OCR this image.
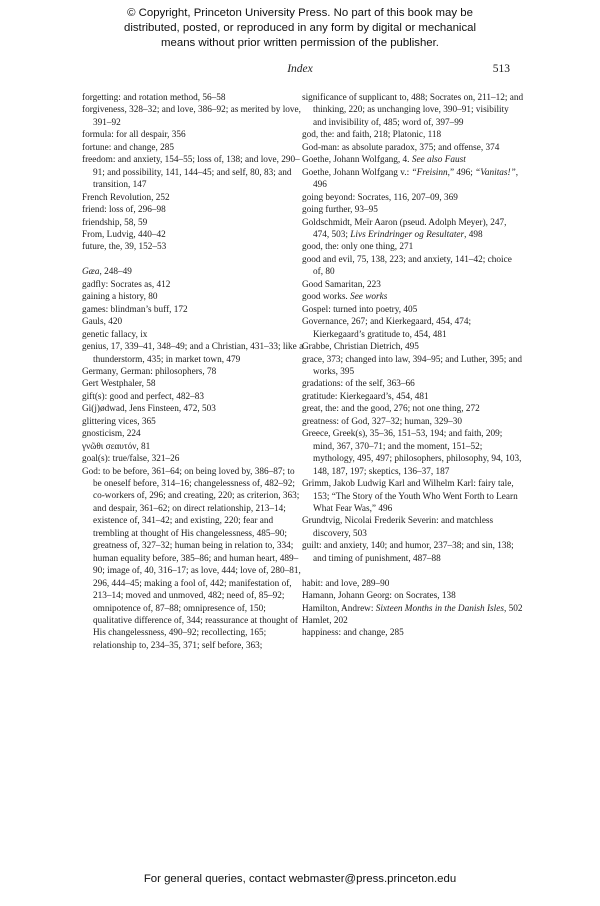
© Copyright, Princeton University Press. No part of this book may be
distributed, posted, or reproduced in any form by digital or mechanical
means without prior written permission of the publisher.
Index	513
forgetting: and rotation method, 56–58
forgiveness, 328–32; and love, 386–92; as merited by love, 391–92
formula: for all despair, 356
fortune: and change, 285
freedom: and anxiety, 154–55; loss of, 138; and love, 290–91; and possibility, 141, 144–45; and self, 80, 83; and transition, 147
French Revolution, 252
friend: loss of, 296–98
friendship, 58, 59
From, Ludvig, 440–42
future, the, 39, 152–53
Gæa, 248–49
gadfly: Socrates as, 412
gaining a history, 80
games: blindman’s buff, 172
Gauls, 420
genetic fallacy, ix
genius, 17, 339–41, 348–49; and a Christian, 431–33; like a thunderstorm, 435; in market town, 479
Germany, German: philosophers, 78
Gert Westphaler, 58
gift(s): good and perfect, 482–83
Gi(j)ødwad, Jens Finsteen, 472, 503
glittering vices, 365
gnosticism, 224
γνῶθι σεαυτόν, 81
goal(s): true/false, 321–26
God: to be before, 361–64; on being loved by, 386–87; to be oneself before, 314–16; changelessness of, 482–92; co-workers of, 296; and creating, 220; as criterion, 363; and despair, 361–62; on direct relationship, 213–14; existence of, 341–42; and existing, 220; fear and trembling at thought of His changelessness, 485–90; greatness of, 327–32; human being in relation to, 334; human equality before, 385–86; and human heart, 489–90; image of, 40, 316–17; as love, 444; love of, 280–81, 296, 444–45; making a fool of, 442; manifestation of, 213–14; moved and unmoved, 482; need of, 85–92; omnipotence of, 87–88; omnipresence of, 150; qualitative difference of, 344; reassurance at thought of His changelessness, 490–92; recollecting, 165; relationship to, 234–35, 371; self before, 363;
significance of supplicant to, 488; Socrates on, 211–12; and thinking, 220; as unchanging love, 390–91; visibility and invisibility of, 485; word of, 397–99
god, the: and faith, 218; Platonic, 118
God-man: as absolute paradox, 375; and offense, 374
Goethe, Johann Wolfgang, 4. See also Faust
Goethe, Johann Wolfgang v.: “Freisinn,” 496; “Vanitas!”, 496
going beyond: Socrates, 116, 207–09, 369
going further, 93–95
Goldschmidt, Meïr Aaron (pseud. Adolph Meyer), 247, 474, 503; Livs Erindringer og Resultater, 498
good, the: only one thing, 271
good and evil, 75, 138, 223; and anxiety, 141–42; choice of, 80
Good Samaritan, 223
good works. See works
Gospel: turned into poetry, 405
Governance, 267; and Kierkegaard, 454, 474; Kierkegaard’s gratitude to, 454, 481
Grabbe, Christian Dietrich, 495
grace, 373; changed into law, 394–95; and Luther, 395; and works, 395
gradations: of the self, 363–66
gratitude: Kierkegaard’s, 454, 481
great, the: and the good, 276; not one thing, 272
greatness: of God, 327–32; human, 329–30
Greece, Greek(s), 35–36, 151–53, 194; and faith, 209; mind, 367, 370–71; and the moment, 151–52; mythology, 495, 497; philosophers, philosophy, 94, 103, 148, 187, 197; skeptics, 136–37, 187
Grimm, Jakob Ludwig Karl and Wilhelm Karl: fairy tale, 153; “The Story of the Youth Who Went Forth to Learn What Fear Was,” 496
Grundtvig, Nicolai Frederik Severin: and matchless discovery, 503
guilt: and anxiety, 140; and humor, 237–38; and sin, 138; and timing of punishment, 487–88
habit: and love, 289–90
Hamann, Johann Georg: on Socrates, 138
Hamilton, Andrew: Sixteen Months in the Danish Isles, 502
Hamlet, 202
happiness: and change, 285
For general queries, contact webmaster@press.princeton.edu
